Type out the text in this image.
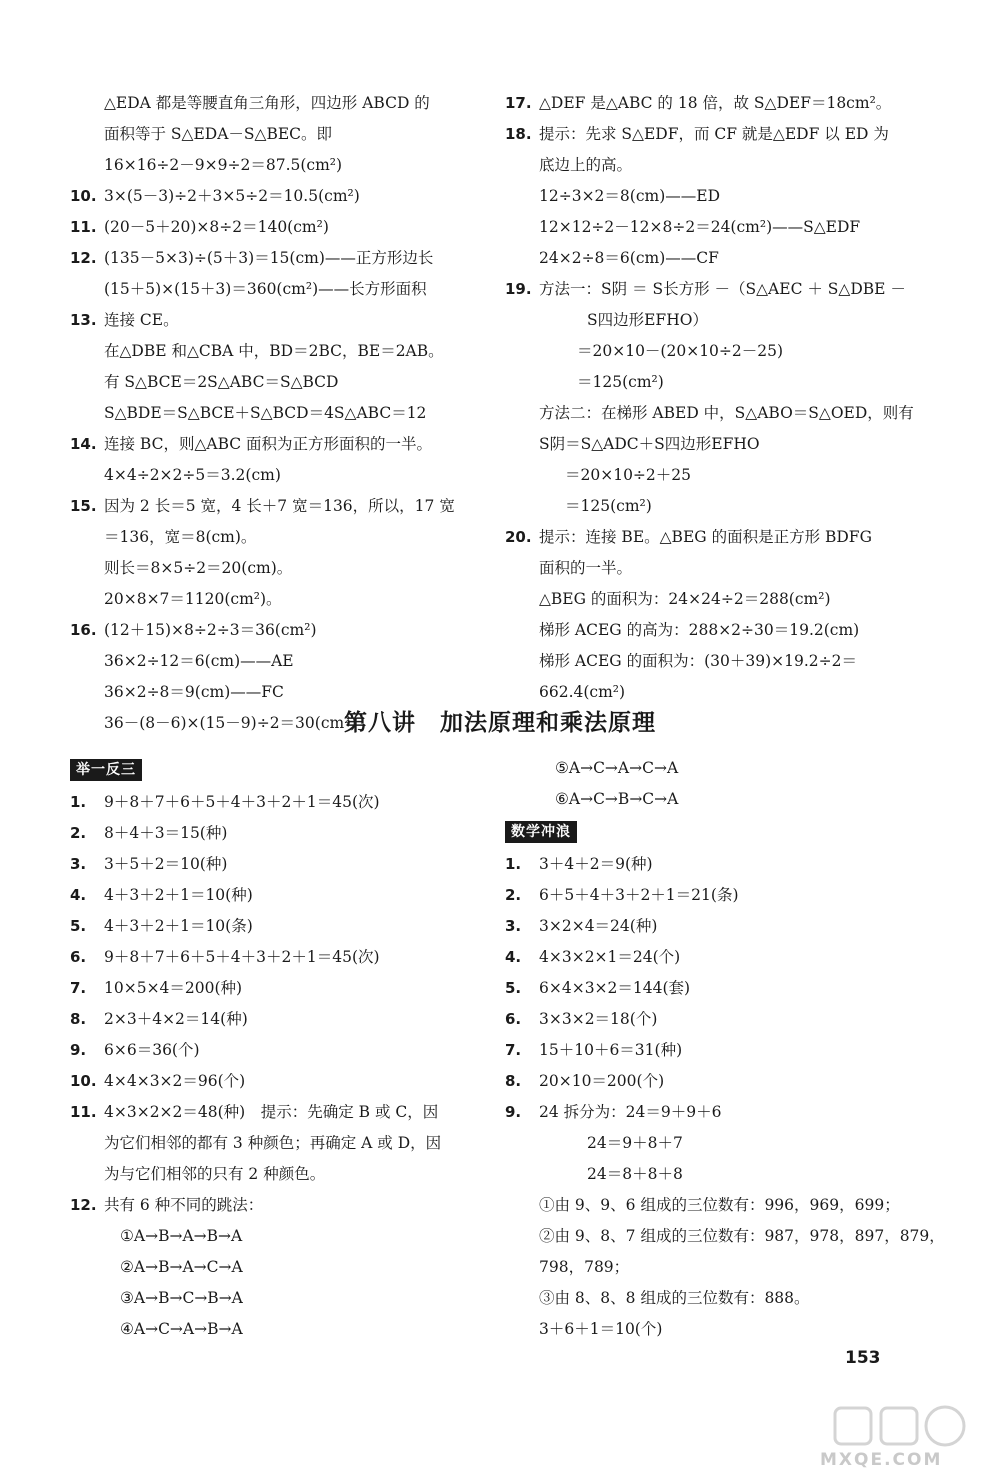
△EDA 都是等腰直角三角形，四边形 ABCD 的
面积等于 S△EDA－S△BEC。即
16×16÷2－9×9÷2＝87.5(cm²)
10. 3×(5－3)÷2＋3×5÷2＝10.5(cm²)
11. (20－5＋20)×8÷2＝140(cm²)
12. (135－5×3)÷(5＋3)＝15(cm)——正方形边长
(15＋5)×(15＋3)＝360(cm²)——长方形面积
13. 连接 CE。
在△DBE 和△CBA 中，BD＝2BC，BE＝2AB。
有 S△BCE＝2S△ABC＝S△BCD
S△BDE＝S△BCE＋S△BCD＝4S△ABC＝12
14. 连接 BC，则△ABC 面积为正方形面积的一半。
4×4÷2×2÷5＝3.2(cm)
15. 因为 2 长＝5 宽，4 长＋7 宽＝136，所以，17 宽
＝136，宽＝8(cm)。
则长＝8×5÷2＝20(cm)。
20×8×7＝1120(cm²)。
16. (12＋15)×8÷2÷3＝36(cm²)
36×2÷12＝6(cm)——AE
36×2÷8＝9(cm)——FC
36－(8－6)×(15－9)÷2＝30(cm²)
17. △DEF 是△ABC 的 18 倍，故 S△DEF＝18cm²。
18. 提示：先求 S△EDF，而 CF 就是△EDF 以 ED 为
底边上的高。
12÷3×2＝8(cm)——ED
12×12÷2－12×8÷2＝24(cm²)——S△EDF
24×2÷8＝6(cm)——CF
19. 方法一：S阴 ＝ S长方形 －（S△AEC ＋ S△DBE －
S四边形EFHO）
＝20×10－(20×10÷2－25)
＝125(cm²)
方法二：在梯形 ABED 中，S△ABO＝S△OED，则有
S阴＝S△ADC＋S四边形EFHO
＝20×10÷2＋25
＝125(cm²)
20. 提示：连接 BE。△BEG 的面积是正方形 BDFG
面积的一半。
△BEG 的面积为：24×24÷2＝288(cm²)
梯形 ACEG 的高为：288×2÷30＝19.2(cm)
梯形 ACEG 的面积为：(30＋39)×19.2÷2＝
662.4(cm²)
第八讲　加法原理和乘法原理
举一反三
1. 9＋8＋7＋6＋5＋4＋3＋2＋1＝45(次)
2. 8＋4＋3＝15(种)
3. 3＋5＋2＝10(种)
4. 4＋3＋2＋1＝10(种)
5. 4＋3＋2＋1＝10(条)
6. 9＋8＋7＋6＋5＋4＋3＋2＋1＝45(次)
7. 10×5×4＝200(种)
8. 2×3＋4×2＝14(种)
9. 6×6＝36(个)
10. 4×4×3×2＝96(个)
11. 4×3×2×2＝48(种)　提示：先确定 B 或 C，因
为它们相邻的都有 3 种颜色；再确定 A 或 D，因
为与它们相邻的只有 2 种颜色。
12. 共有 6 种不同的跳法：
①A→B→A→B→A
②A→B→A→C→A
③A→B→C→B→A
④A→C→A→B→A
⑤A→C→A→C→A
⑥A→C→B→C→A
数学冲浪
1. 3＋4＋2＝9(种)
2. 6＋5＋4＋3＋2＋1＝21(条)
3. 3×2×4＝24(种)
4. 4×3×2×1＝24(个)
5. 6×4×3×2＝144(套)
6. 3×3×2＝18(个)
7. 15＋10＋6＝31(种)
8. 20×10＝200(个)
9. 24 拆分为：24＝9＋9＋6
24＝9＋8＋7
24＝8＋8＋8
①由 9、9、6 组成的三位数有：996，969，699；
②由 9、8、7 组成的三位数有：987，978，897，879，
798，789；
③由 8、8、8 组成的三位数有：888。
3＋6＋1＝10(个)
153
MXQE.COM
